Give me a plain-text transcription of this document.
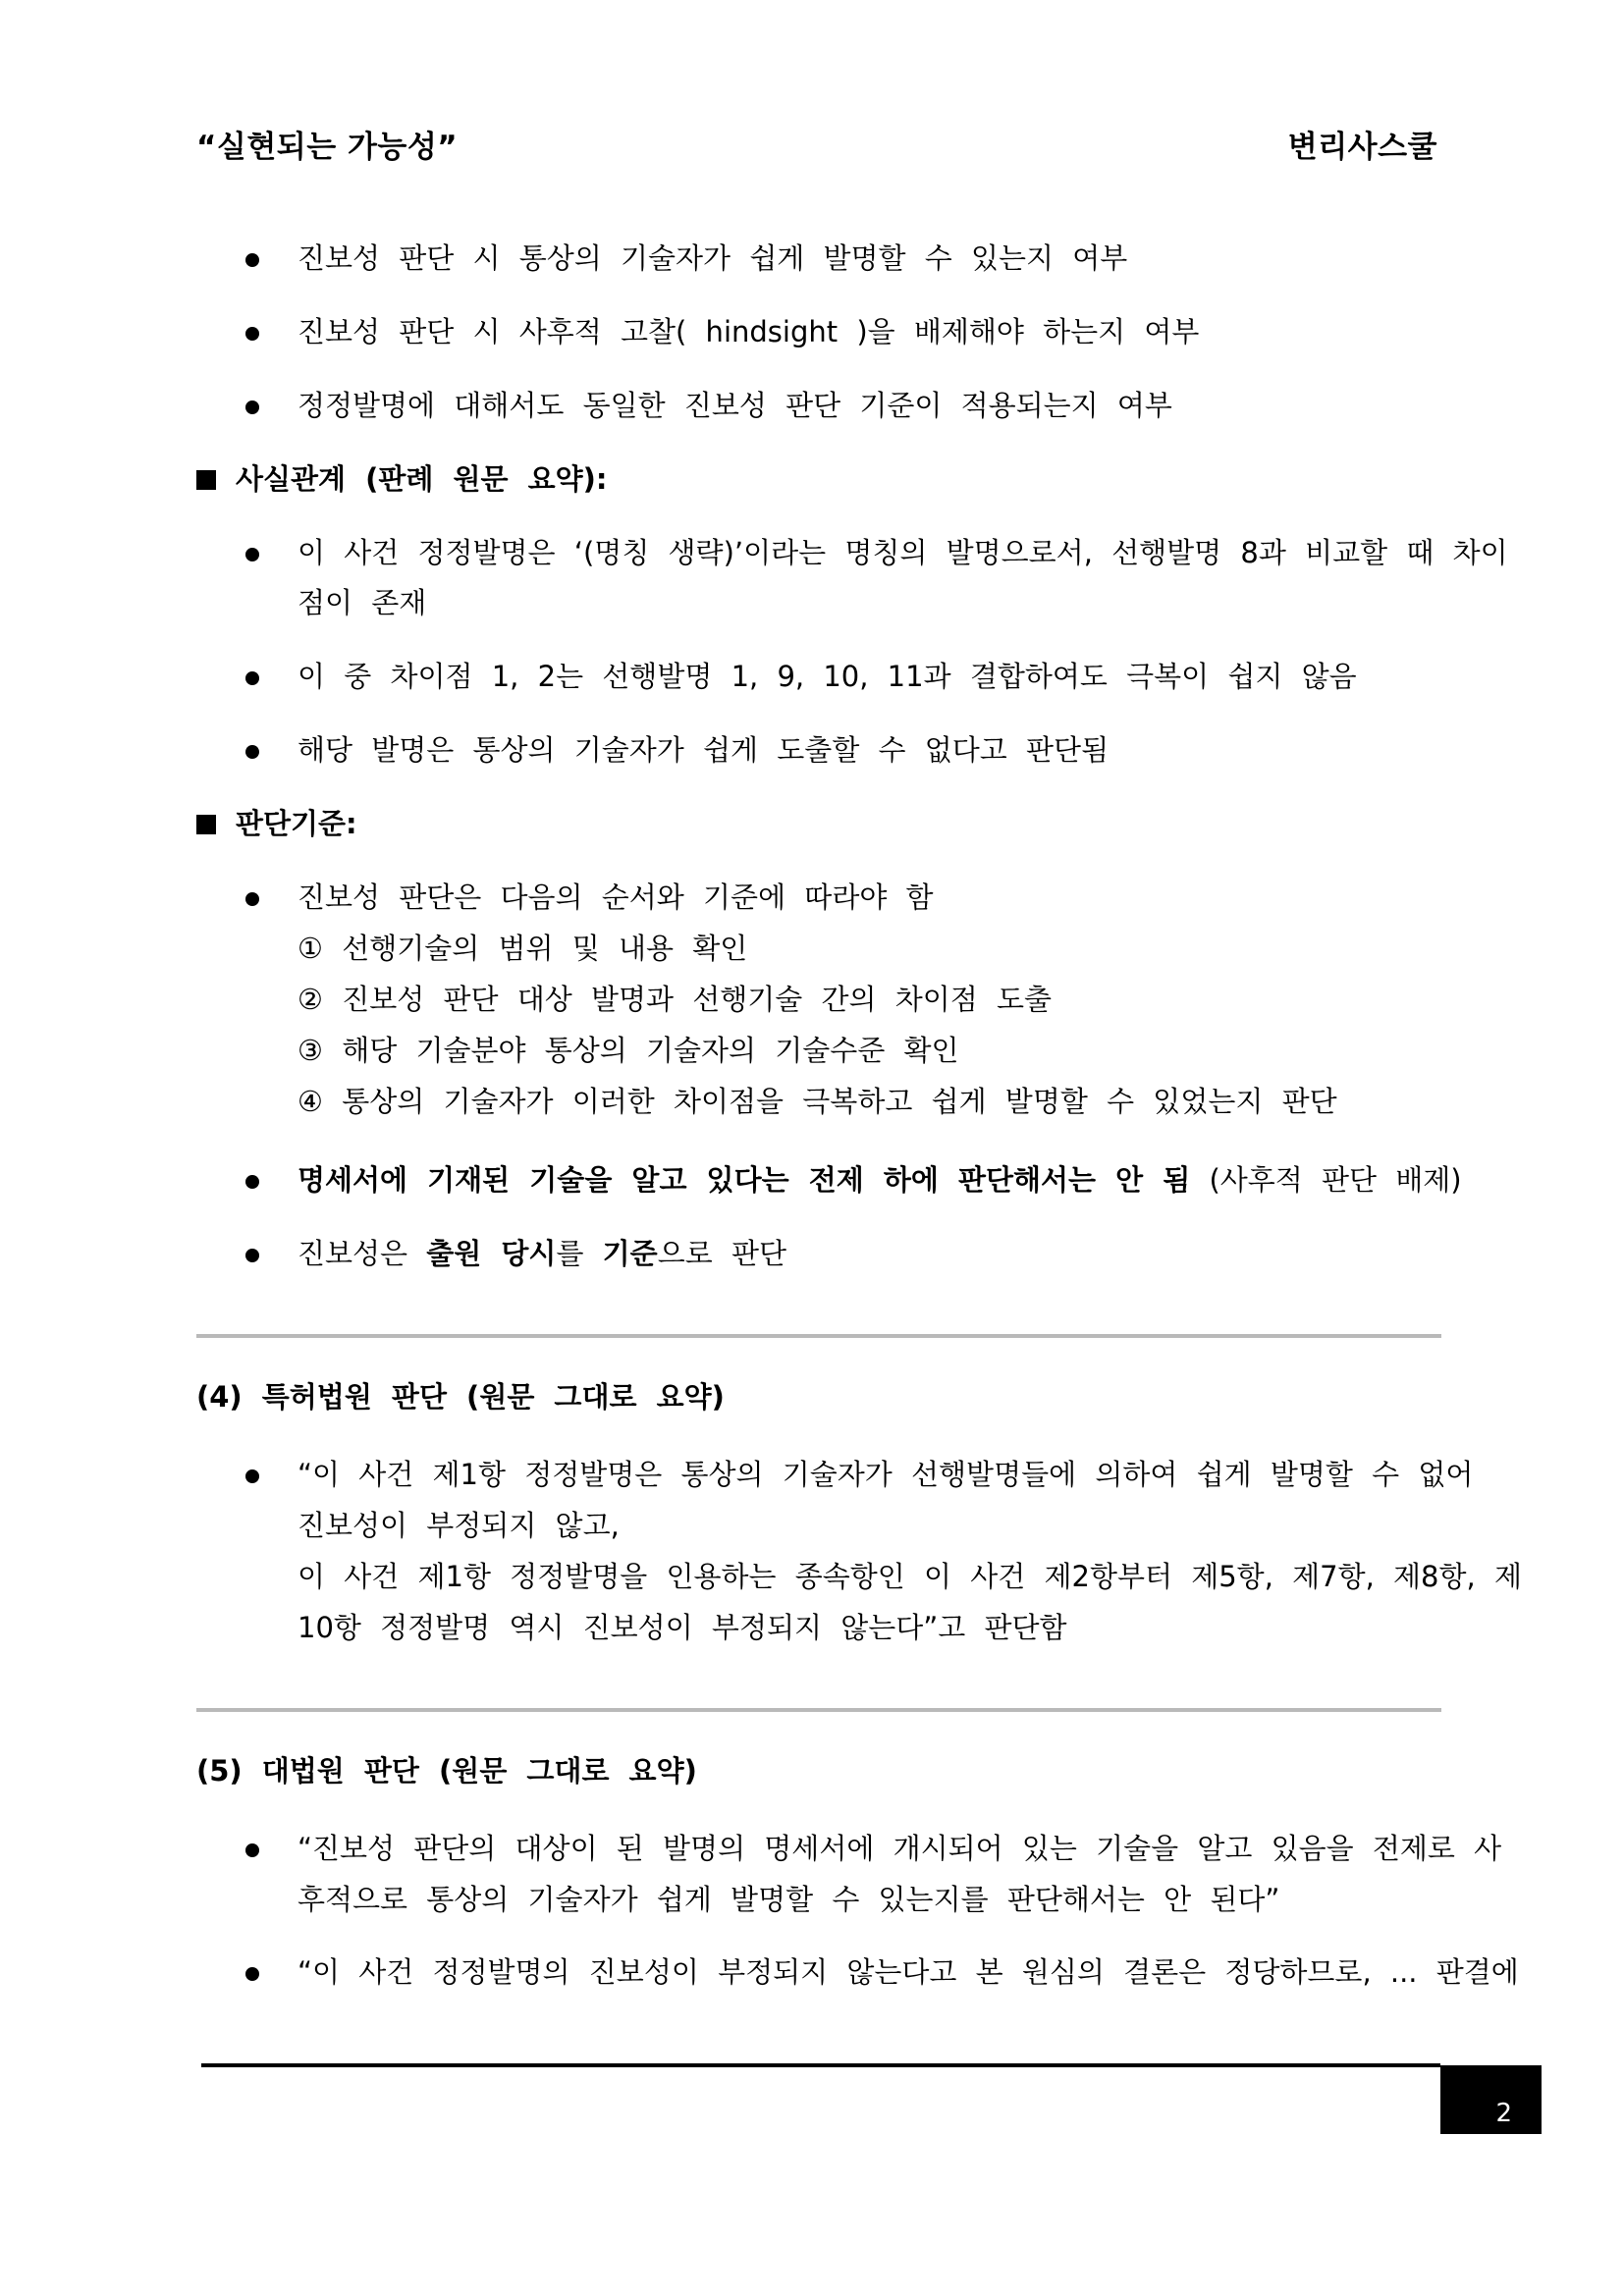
“실현되는 가능성”	변리사스쿨
진보성 판단 시 통상의 기술자가 쉽게 발명할 수 있는지 여부
진보성 판단 시 사후적 고찰( hindsight )을 배제해야 하는지 여부
정정발명에 대해서도 동일한 진보성 판단 기준이 적용되는지 여부
사실관계 (판례 원문 요약):
이 사건 정정발명은 ‘(명칭 생략)’이라는 명칭의 발명으로서, 선행발명 8과 비교할 때 차이
점이 존재
이 중 차이점 1, 2는 선행발명 1, 9, 10, 11과 결합하여도 극복이 쉽지 않음
해당 발명은 통상의 기술자가 쉽게 도출할 수 없다고 판단됨
판단기준:
진보성 판단은 다음의 순서와 기준에 따라야 함
① 선행기술의 범위 및 내용 확인
② 진보성 판단 대상 발명과 선행기술 간의 차이점 도출
③ 해당 기술분야 통상의 기술자의 기술수준 확인
④ 통상의 기술자가 이러한 차이점을 극복하고 쉽게 발명할 수 있었는지 판단
명세서에 기재된 기술을 알고 있다는 전제 하에 판단해서는 안 됨 (사후적 판단 배제)
진보성은 출원 당시를 기준으로 판단
(4) 특허법원 판단 (원문 그대로 요약)
“이 사건 제1항 정정발명은 통상의 기술자가 선행발명들에 의하여 쉽게 발명할 수 없어
진보성이 부정되지 않고,
이 사건 제1항 정정발명을 인용하는 종속항인 이 사건 제2항부터 제5항, 제7항, 제8항, 제
10항 정정발명 역시 진보성이 부정되지 않는다”고 판단함
(5) 대법원 판단 (원문 그대로 요약)
“진보성 판단의 대상이 된 발명의 명세서에 개시되어 있는 기술을 알고 있음을 전제로 사
후적으로 통상의 기술자가 쉽게 발명할 수 있는지를 판단해서는 안 된다”
“이 사건 정정발명의 진보성이 부정되지 않는다고 본 원심의 결론은 정당하므로, ... 판결에
2
